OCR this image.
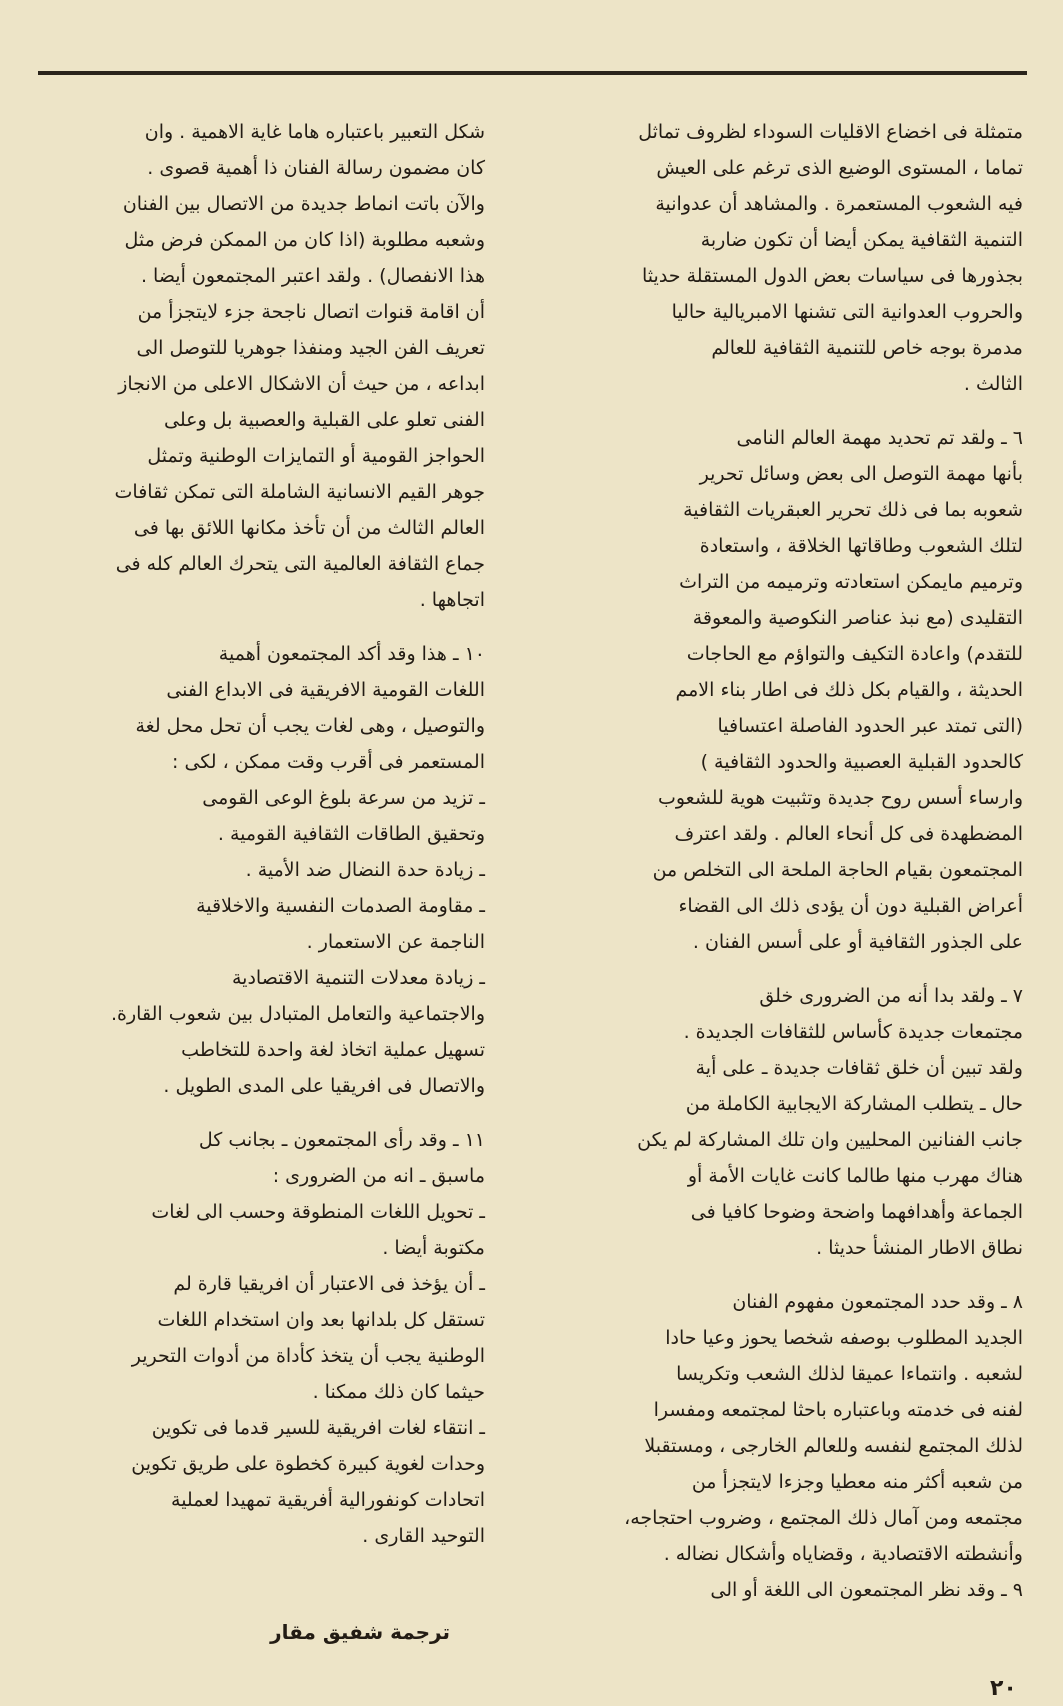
متمثلة فى اخضاع الاقليات السوداء لظروف تماثل
تماما ، المستوى الوضيع الذى ترغم على العيش
فيه الشعوب المستعمرة . والمشاهد أن عدوانية
التنمية الثقافية يمكن أيضا أن تكون ضاربة
بجذورها فى سياسات بعض الدول المستقلة حديثا
والحروب العدوانية التى تشنها الامبريالية حاليا
مدمرة بوجه خاص للتنمية الثقافية للعالم
الثالث .
٦ ـ ولقد تم تحديد مهمة العالم النامى
بأنها مهمة التوصل الى بعض وسائل تحرير
شعوبه بما فى ذلك تحرير العبقريات الثقافية
لتلك الشعوب وطاقاتها الخلاقة ، واستعادة
وترميم مايمكن استعادته وترميمه من التراث
التقليدى (مع نبذ عناصر النكوصية والمعوقة
للتقدم) واعادة التكيف والتواؤم مع الحاجات
الحديثة ، والقيام بكل ذلك فى اطار بناء الامم
(التى تمتد عبر الحدود الفاصلة اعتسافيا
كالحدود القبلية العصبية والحدود الثقافية )
وارساء أسس روح جديدة وتثبيت هوية للشعوب
المضطهدة فى كل أنحاء العالم . ولقد اعترف
المجتمعون بقيام الحاجة الملحة الى التخلص من
أعراض القبلية دون أن يؤدى ذلك الى القضاء
على الجذور الثقافية أو على أسس الفنان .
٧ ـ ولقد بدا أنه من الضرورى خلق
مجتمعات جديدة كأساس للثقافات الجديدة .
ولقد تبين أن خلق ثقافات جديدة ـ على أية
حال ـ يتطلب المشاركة الايجابية الكاملة من
جانب الفنانين المحليين وان تلك المشاركة لم يكن
هناك مهرب منها طالما كانت غايات الأمة أو
الجماعة وأهدافهما واضحة وضوحا كافيا فى
نطاق الاطار المنشأ حديثا .
٨ ـ وقد حدد المجتمعون مفهوم الفنان
الجديد المطلوب بوصفه شخصا يحوز وعيا حادا
لشعبه . وانتماءا عميقا لذلك الشعب وتكريسا
لفنه فى خدمته وباعتباره باحثا لمجتمعه ومفسرا
لذلك المجتمع لنفسه وللعالم الخارجى ، ومستقبلا
من شعبه أكثر منه معطيا وجزءا لايتجزأ من
مجتمعه ومن آمال ذلك المجتمع ، وضروب احتجاجه،
وأنشطته الاقتصادية ، وقضاياه وأشكال نضاله .
٩ ـ وقد نظر المجتمعون الى اللغة أو الى
شكل التعبير باعتباره هاما غاية الاهمية . وان
كان مضمون رسالة الفنان ذا أهمية قصوى .
والآن باتت انماط جديدة من الاتصال بين الفنان
وشعبه مطلوبة (اذا كان من الممكن فرض مثل
هذا الانفصال) . ولقد اعتبر المجتمعون أيضا .
أن اقامة قنوات اتصال ناجحة جزء لايتجزأ من
تعريف الفن الجيد ومنفذا جوهريا للتوصل الى
ابداعه ، من حيث أن الاشكال الاعلى من الانجاز
الفنى تعلو على القبلية والعصبية بل وعلى
الحواجز القومية أو التمايزات الوطنية وتمثل
جوهر القيم الانسانية الشاملة التى تمكن ثقافات
العالم الثالث من أن تأخذ مكانها اللائق بها فى
جماع الثقافة العالمية التى يتحرك العالم كله فى
اتجاهها .
١٠ ـ هذا وقد أكد المجتمعون أهمية
اللغات القومية الافريقية فى الابداع الفنى
والتوصيل ، وهى لغات يجب أن تحل محل لغة
المستعمر فى أقرب وقت ممكن ، لكى :
ـ تزيد من سرعة بلوغ الوعى القومى
وتحقيق الطاقات الثقافية القومية .
ـ زيادة حدة النضال ضد الأمية .
ـ مقاومة الصدمات النفسية والاخلاقية
الناجمة عن الاستعمار .
ـ زيادة معدلات التنمية الاقتصادية
والاجتماعية والتعامل المتبادل بين شعوب القارة.
تسهيل عملية اتخاذ لغة واحدة للتخاطب
والاتصال فى افريقيا على المدى الطويل .
١١ ـ وقد رأى المجتمعون ـ بجانب كل
ماسبق ـ انه من الضرورى :
ـ تحويل اللغات المنطوقة وحسب الى لغات
مكتوبة أيضا .
ـ أن يؤخذ فى الاعتبار أن افريقيا قارة لم
تستقل كل بلدانها بعد وان استخدام اللغات
الوطنية يجب أن يتخذ كأداة من أدوات التحرير
حيثما كان ذلك ممكنا .
ـ انتقاء لغات افريقية للسير قدما فى تكوين
وحدات لغوية كبيرة كخطوة على طريق تكوين
اتحادات كونفورالية أفريقية تمهيدا لعملية
التوحيد القارى .
ترجمة شفيق مقار
٢٠
